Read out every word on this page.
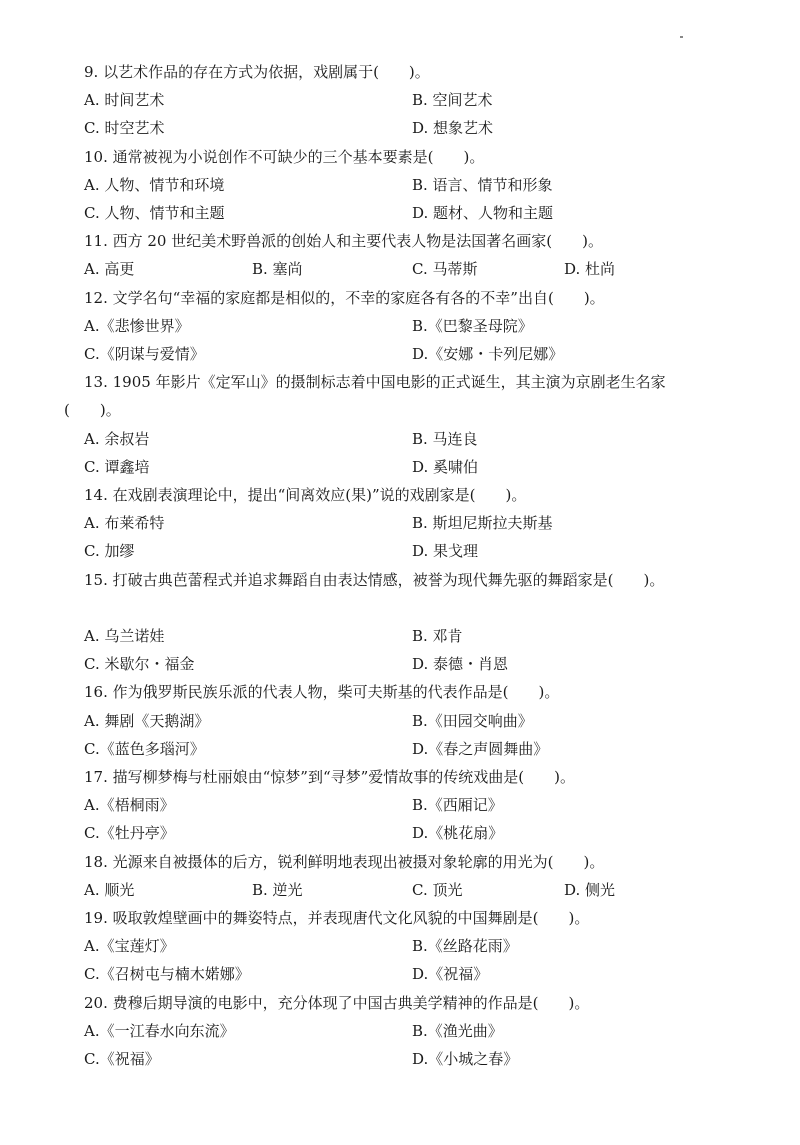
9. 以艺术作品的存在方式为依据，戏剧属于(　　)。
A. 时间艺术	B. 空间艺术
C. 时空艺术	D. 想象艺术
10. 通常被视为小说创作不可缺少的三个基本要素是(　　)。
A. 人物、情节和环境	B. 语言、情节和形象
C. 人物、情节和主题	D. 题材、人物和主题
11. 西方 20 世纪美术野兽派的创始人和主要代表人物是法国著名画家(　　)。
A. 高更	B. 塞尚	C. 马蒂斯	D. 杜尚
12. 文学名句“幸福的家庭都是相似的，不幸的家庭各有各的不幸”出自(　　)。
A.《悲惨世界》	B.《巴黎圣母院》
C.《阴谋与爱情》	D.《安娜・卡列尼娜》
13. 1905 年影片《定军山》的摄制标志着中国电影的正式诞生，其主演为京剧老生名家(　　)。
A. 余叔岩	B. 马连良
C. 谭鑫培	D. 奚啸伯
14. 在戏剧表演理论中，提出“间离效应(果)”说的戏剧家是(　　)。
A. 布莱希特	B. 斯坦尼斯拉夫斯基
C. 加缪	D. 果戈理
15. 打破古典芭蕾程式并追求舞蹈自由表达情感，被誉为现代舞先驱的舞蹈家是(　　)。
A. 乌兰诺娃	B. 邓肯
C. 米歇尔・福金	D. 泰德・肖恩
16. 作为俄罗斯民族乐派的代表人物，柴可夫斯基的代表作品是(　　)。
A. 舞剧《天鹅湖》	B.《田园交响曲》
C.《蓝色多瑙河》	D.《春之声圆舞曲》
17. 描写柳梦梅与杜丽娘由“惊梦”到“寻梦”爱情故事的传统戏曲是(　　)。
A.《梧桐雨》	B.《西厢记》
C.《牡丹亭》	D.《桃花扇》
18. 光源来自被摄体的后方，锐利鲜明地表现出被摄对象轮廓的用光为(　　)。
A. 顺光	B. 逆光	C. 顶光	D. 侧光
19. 吸取敦煌壁画中的舞姿特点，并表现唐代文化风貌的中国舞剧是(　　)。
A.《宝莲灯》	B.《丝路花雨》
C.《召树屯与楠木婼娜》	D.《祝福》
20. 费穆后期导演的电影中，充分体现了中国古典美学精神的作品是(　　)。
A.《一江春水向东流》	B.《渔光曲》
C.《祝福》	D.《小城之春》
